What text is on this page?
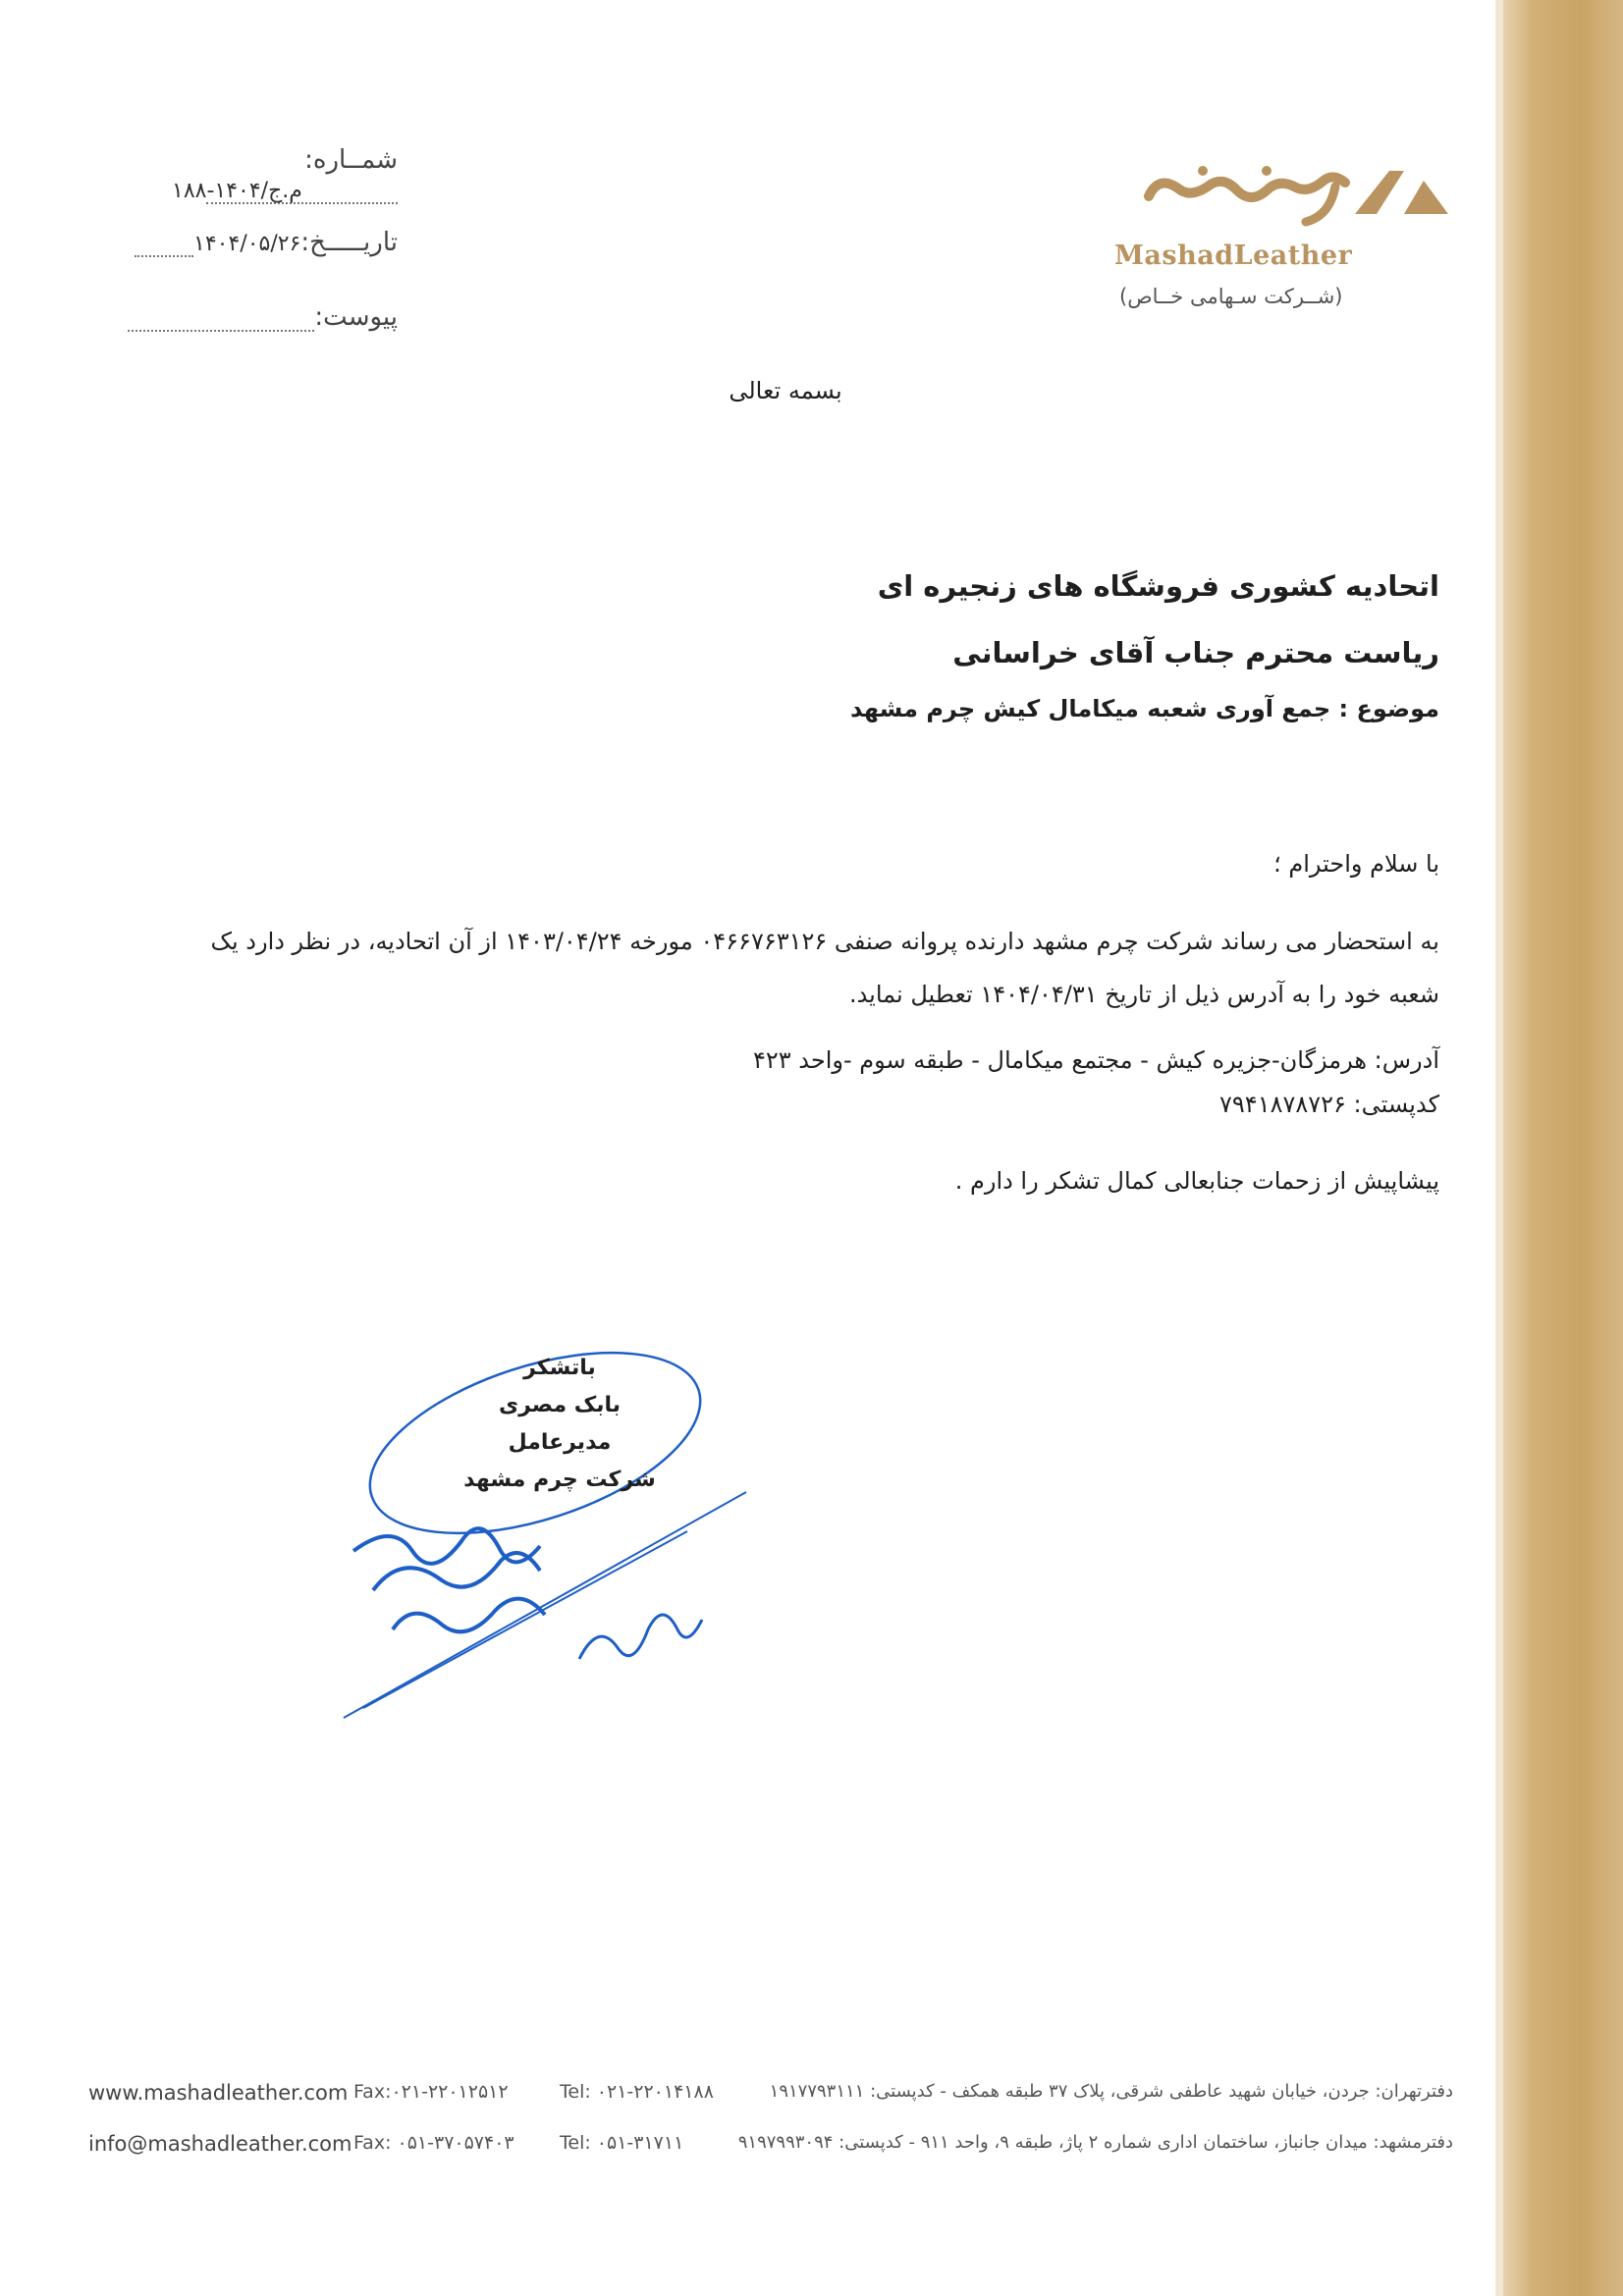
MashadLeather
(شــرکت سـهامی خــاص)
شمــاره:
م.ج/۱۴۰۴-۱۸۸
تاریـــــخ:۱۴۰۴/۰۵/۲۶
پیوست:
بسمه تعالی
اتحادیه کشوری فروشگاه های زنجیره ای
ریاست محترم جناب آقای خراسانی
موضوع : جمع آوری شعبه میکامال کیش چرم مشهد
با سلام واحترام ؛
به استحضار می رساند شرکت چرم مشهد دارنده پروانه صنفی ۰۴۶۶۷۶۳۱۲۶ مورخه ۱۴۰۳/۰۴/۲۴ از آن اتحادیه، در نظر دارد یک شعبه خود را به آدرس ذیل از تاریخ ۱۴۰۴/۰۴/۳۱ تعطیل نماید.
آدرس: هرمزگان-جزیره کیش - مجتمع میکامال - طبقه سوم -واحد ۴۲۳
کدپستی: ۷۹۴۱۸۷۸۷۲۶
پیشاپیش از زحمات جنابعالی کمال تشکر را دارم .
باتشکر
بابک مصری
مدیرعامل
شرکت چرم مشهد
www.mashadleather.com Fax:۰۲۱-۲۲۰۱۲۵۱۲	Tel: ۰۲۱-۲۲۰۱۴۱۸۸	دفترتهران: جردن، خیابان شهید عاطفی شرقی، پلاک ۳۷ طبقه همکف - کدپستی: ۱۹۱۷۷۹۳۱۱۱
info@mashadleather.com Fax: ۰۵۱-۳۷۰۵۷۴۰۳ Tel: ۰۵۱-۳۱۷۱۱	دفترمشهد: میدان جانباز، ساختمان اداری شماره ۲ پاژ، طبقه ۹، واحد ۹۱۱ - کدپستی: ۹۱۹۷۹۹۳۰۹۴
